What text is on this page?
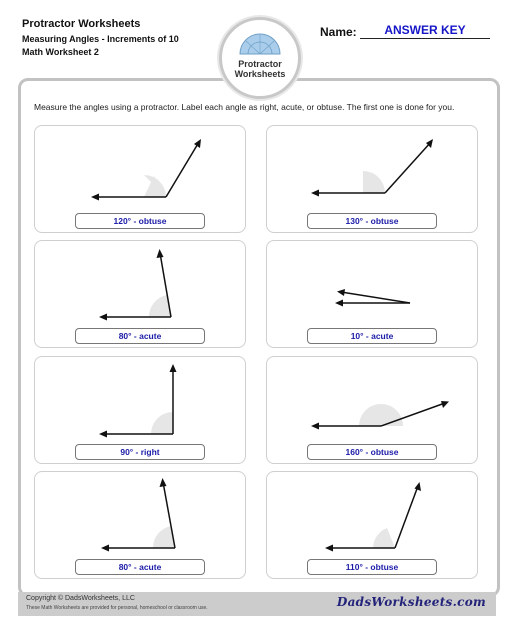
Protractor Worksheets
Measuring Angles - Increments of 10
Math Worksheet 2
Protractor
Worksheets
Name:	ANSWER KEY
Measure the angles using a protractor. Label each angle as right, acute, or obtuse. The first one is done for you.
120° - obtuse	130° - obtuse
80° - acute	10° - acute
90° - right	160° - obtuse
80° - acute	110° - obtuse
Copyright © DadsWorksheets, LLC
These Math Worksheets are provided for personal, homeschool or classroom use.	DadsWorksheets.com
